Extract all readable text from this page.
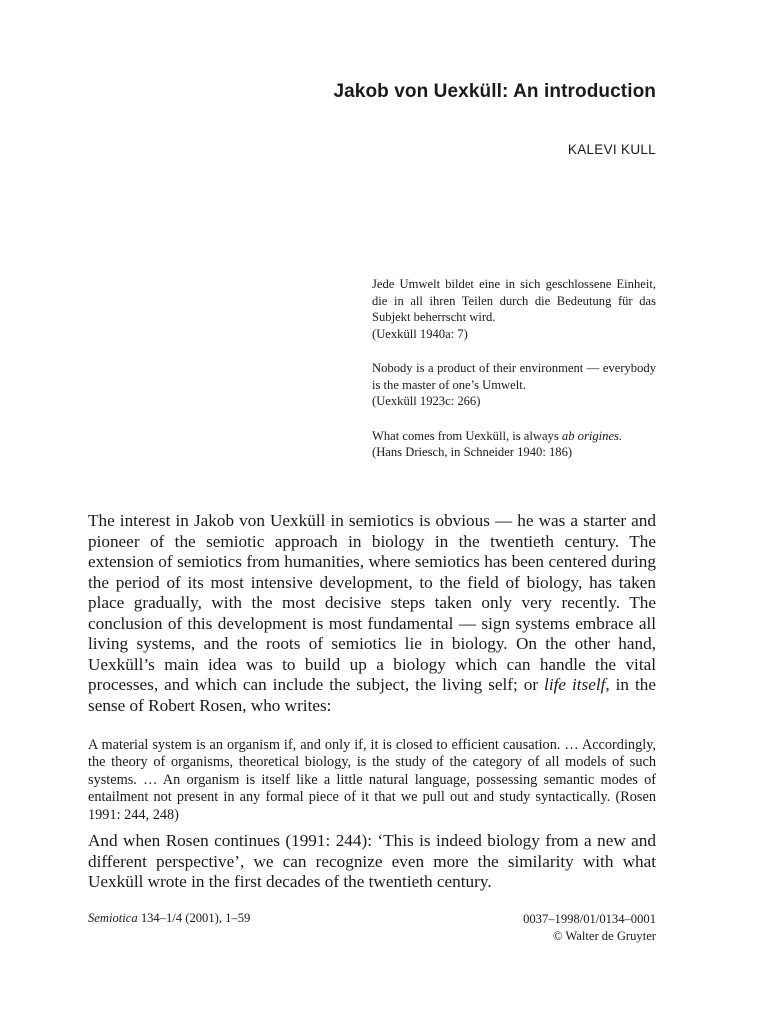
Jakob von Uexküll: An introduction

KALEVI KULL

Jede Umwelt bildet eine in sich geschlossene Einheit, die in all ihren Teilen durch die Bedeutung für das Subjekt beherrscht wird.
(Uexküll 1940a: 7)

Nobody is a product of their environment — everybody is the master of one’s Umwelt.
(Uexküll 1923c: 266)

What comes from Uexküll, is always ab origines.
(Hans Driesch, in Schneider 1940: 186)

The interest in Jakob von Uexküll in semiotics is obvious — he was a starter and pioneer of the semiotic approach in biology in the twentieth century. The extension of semiotics from humanities, where semiotics has been centered during the period of its most intensive development, to the field of biology, has taken place gradually, with the most decisive steps taken only very recently. The conclusion of this development is most fundamental — sign systems embrace all living systems, and the roots of semiotics lie in biology. On the other hand, Uexküll’s main idea was to build up a biology which can handle the vital processes, and which can include the subject, the living self; or life itself, in the sense of Robert Rosen, who writes:

A material system is an organism if, and only if, it is closed to efficient causation. … Accordingly, the theory of organisms, theoretical biology, is the study of the category of all models of such systems. … An organism is itself like a little natural language, possessing semantic modes of entailment not present in any formal piece of it that we pull out and study syntactically. (Rosen 1991: 244, 248)

And when Rosen continues (1991: 244): ‘This is indeed biology from a new and different perspective’, we can recognize even more the similarity with what Uexküll wrote in the first decades of the twentieth century.

Semiotica 134–1/4 (2001), 1–59	0037–1998/01/0134–0001
© Walter de Gruyter
